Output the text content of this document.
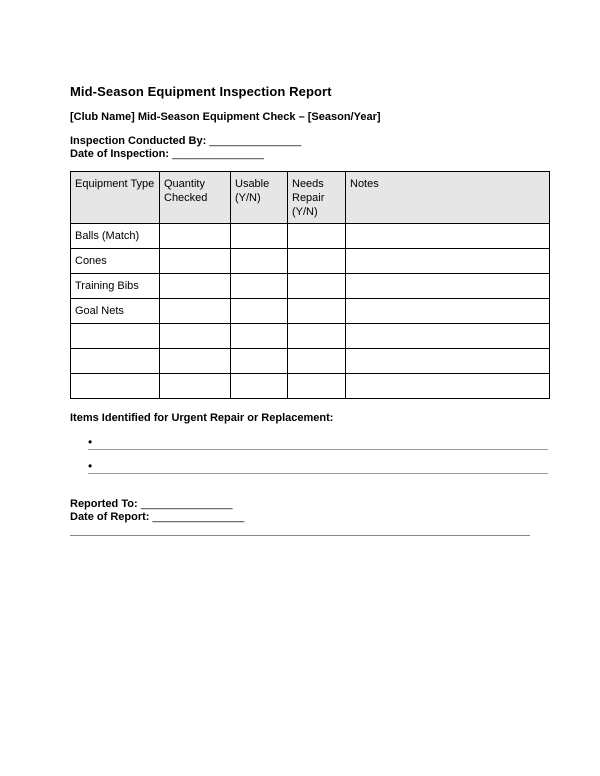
Mid-Season Equipment Inspection Report
[Club Name] Mid-Season Equipment Check – [Season/Year]
Inspection Conducted By: _______________
Date of Inspection: _______________
Equipment Type	Quantity Checked	Usable (Y/N)	Needs Repair (Y/N)	Notes
Balls (Match)				
Cones				
Training Bibs				
Goal Nets				

Items Identified for Urgent Repair or Replacement:
•
•
Reported To: _______________
Date of Report: _______________
